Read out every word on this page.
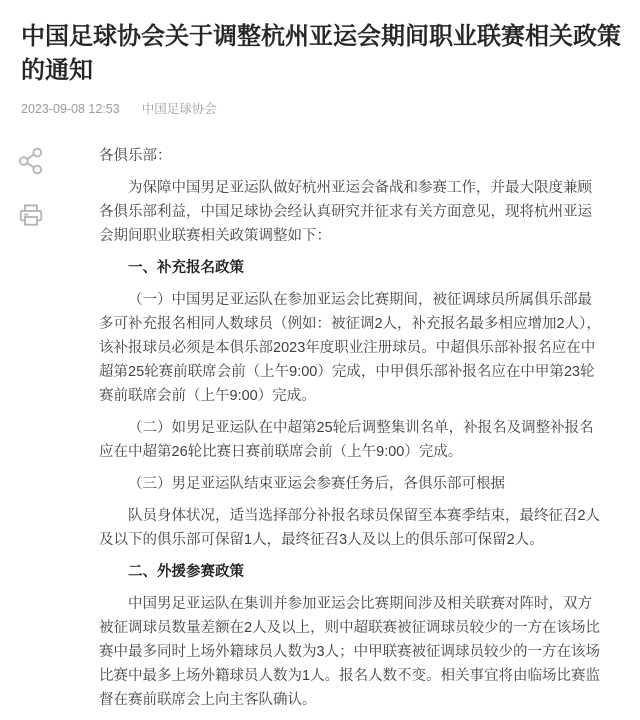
中国足球协会关于调整杭州亚运会期间职业联赛相关政策的通知
2023-09-08 12:53 中国足球协会

各俱乐部：

为保障中国男足亚运队做好杭州亚运会备战和参赛工作，并最大限度兼顾各俱乐部利益，中国足球协会经认真研究并征求有关方面意见，现将杭州亚运会期间职业联赛相关政策调整如下：

一、补充报名政策

（一）中国男足亚运队在参加亚运会比赛期间，被征调球员所属俱乐部最多可补充报名相同人数球员（例如：被征调2人，补充报名最多相应增加2人），该补报球员必须是本俱乐部2023年度职业注册球员。中超俱乐部补报名应在中超第25轮赛前联席会前（上午9:00）完成，中甲俱乐部补报名应在中甲第23轮赛前联席会前（上午9:00）完成。

（二）如男足亚运队在中超第25轮后调整集训名单，补报名及调整补报名应在中超第26轮比赛日赛前联席会前（上午9:00）完成。

（三）男足亚运队结束亚运会参赛任务后，各俱乐部可根据

队员身体状况，适当选择部分补报名球员保留至本赛季结束，最终征召2人及以下的俱乐部可保留1人，最终征召3人及以上的俱乐部可保留2人。

二、外援参赛政策

中国男足亚运队在集训并参加亚运会比赛期间涉及相关联赛对阵时，双方被征调球员数量差额在2人及以上，则中超联赛被征调球员较少的一方在该场比赛中最多同时上场外籍球员人数为3人；中甲联赛被征调球员较少的一方在该场比赛中最多上场外籍球员人数为1人。报名人数不变。相关事宜将由临场比赛监督在赛前联席会上向主客队确认。
